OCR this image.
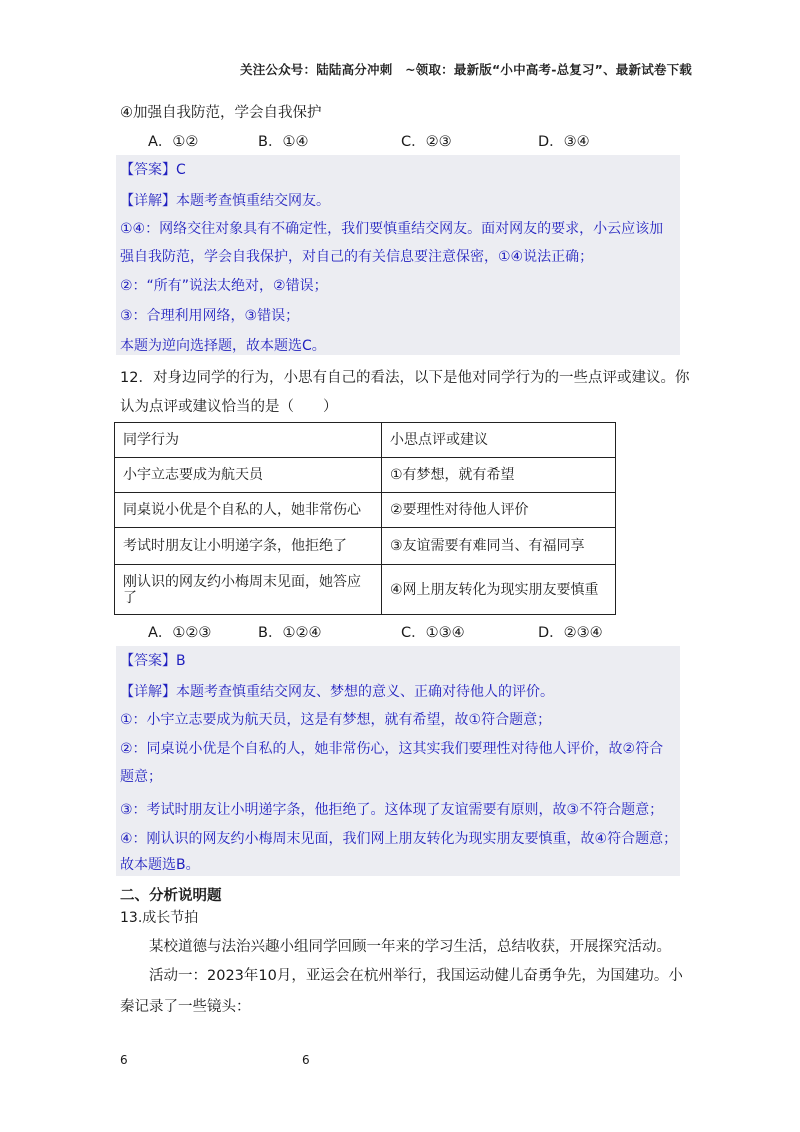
关注公众号：陆陆高分冲刺　~领取：最新版“小中高考-总复习”、最新试卷下载
④加强自我防范，学会自我保护
A．①②	B．①④	C．②③	D．③④
【答案】C
【详解】本题考查慎重结交网友。
①④：网络交往对象具有不确定性，我们要慎重结交网友。面对网友的要求，小云应该加
强自我防范，学会自我保护，对自己的有关信息要注意保密，①④说法正确；
②：“所有”说法太绝对，②错误；
③：合理利用网络，③错误；
本题为逆向选择题，故本题选C。
12．对身边同学的行为，小思有自己的看法，以下是他对同学行为的一些点评或建议。你
认为点评或建议恰当的是（　　）
同学行为	小思点评或建议
小宇立志要成为航天员	①有梦想，就有希望
同桌说小优是个自私的人，她非常伤心	②要理性对待他人评价
考试时朋友让小明递字条，他拒绝了	③友谊需要有难同当、有福同享
刚认识的网友约小梅周末见面，她答应了	④网上朋友转化为现实朋友要慎重
A．①②③	B．①②④	C．①③④	D．②③④
【答案】B
【详解】本题考查慎重结交网友、梦想的意义、正确对待他人的评价。
①：小宇立志要成为航天员，这是有梦想，就有希望，故①符合题意；
②：同桌说小优是个自私的人，她非常伤心，这其实我们要理性对待他人评价，故②符合
题意；
③：考试时朋友让小明递字条，他拒绝了。这体现了友谊需要有原则，故③不符合题意；
④：刚认识的网友约小梅周末见面，我们网上朋友转化为现实朋友要慎重，故④符合题意；
故本题选B。
二、分析说明题
13.成长节拍
某校道德与法治兴趣小组同学回顾一年来的学习生活，总结收获，开展探究活动。
活动一：2023年10月，亚运会在杭州举行，我国运动健儿奋勇争先，为国建功。小
秦记录了一些镜头：
6	6
